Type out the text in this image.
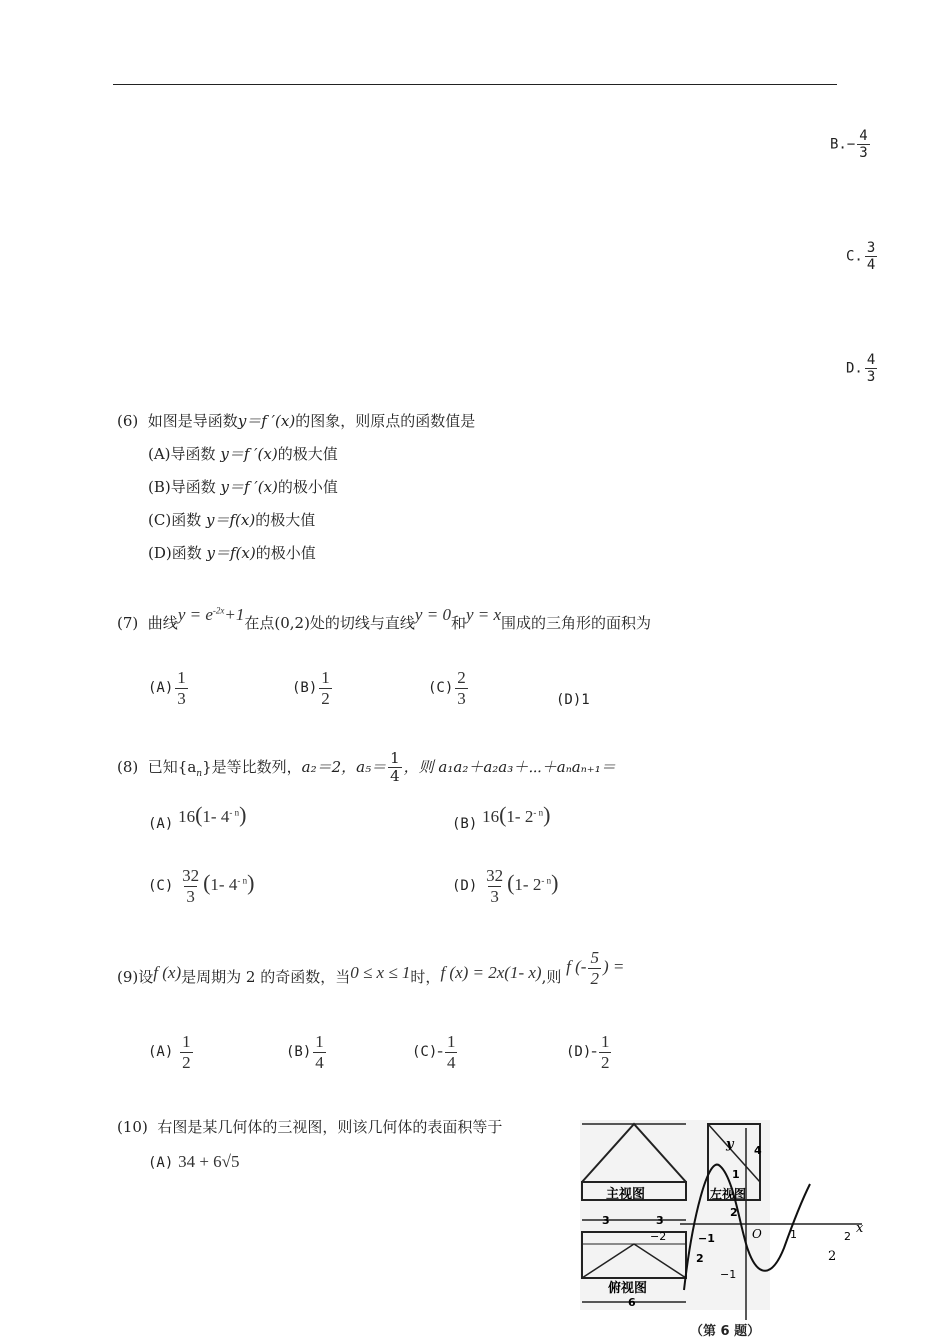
$B.- \frac{4}{3}$
C. $\frac{3}{4}$
D. $\frac{4}{3}$
(6) 如图是导函数y＝f ′(x)的图象，则原点的函数值是
(A)导函数 y＝f ′(x)的极大值
(B)导函数 y＝f ′(x)的极小值
(C)函数 y＝f(x)的极大值
(D)函数 y＝f(x)的极小值
(7) 曲线$y = e^{-2x}+1$在点(0,2)处的切线与直线y = 0和y = x围成的三角形的面积为
$(A) \frac{1}{3}$	$(B) \frac{1}{2}$	$(C) \frac{2}{3}$	(D)1
(8) 已知$\{a_n\}$是等比数列，a₂＝2，$a_5= \frac{1}{4}$ ，则 a₁a₂＋a₂a₃＋⋯＋aₙaₙ₊₁＝
(A) 16(1- $4^{- n}$)	(B) 16(1- $2^{- n}$)
$(C) \frac{32}{3} (1-$ $4^{- n}$)	$(D) \frac{32}{3} (1-$ $2^{- n}$)
(9)设f (x)是周期为 2 的奇函数，当0 ≤ x ≤ 1时，f (x) = 2x(1- x),则 f (- $\frac{5}{2}$ ) =
$(A) \frac{1}{2}$	$(B) \frac{1}{4}$	$(C)- \frac{1}{4}$	$(D)- \frac{1}{2}$
(10) 右图是某几何体的三视图，则该几何体的表面积等于
(A) 34 + 6√5
主视图	左视图
4
2
3	3
2
俯视图
6
x
y
1
−1
−2	−1	O	1	2
2
（第 6 题）
